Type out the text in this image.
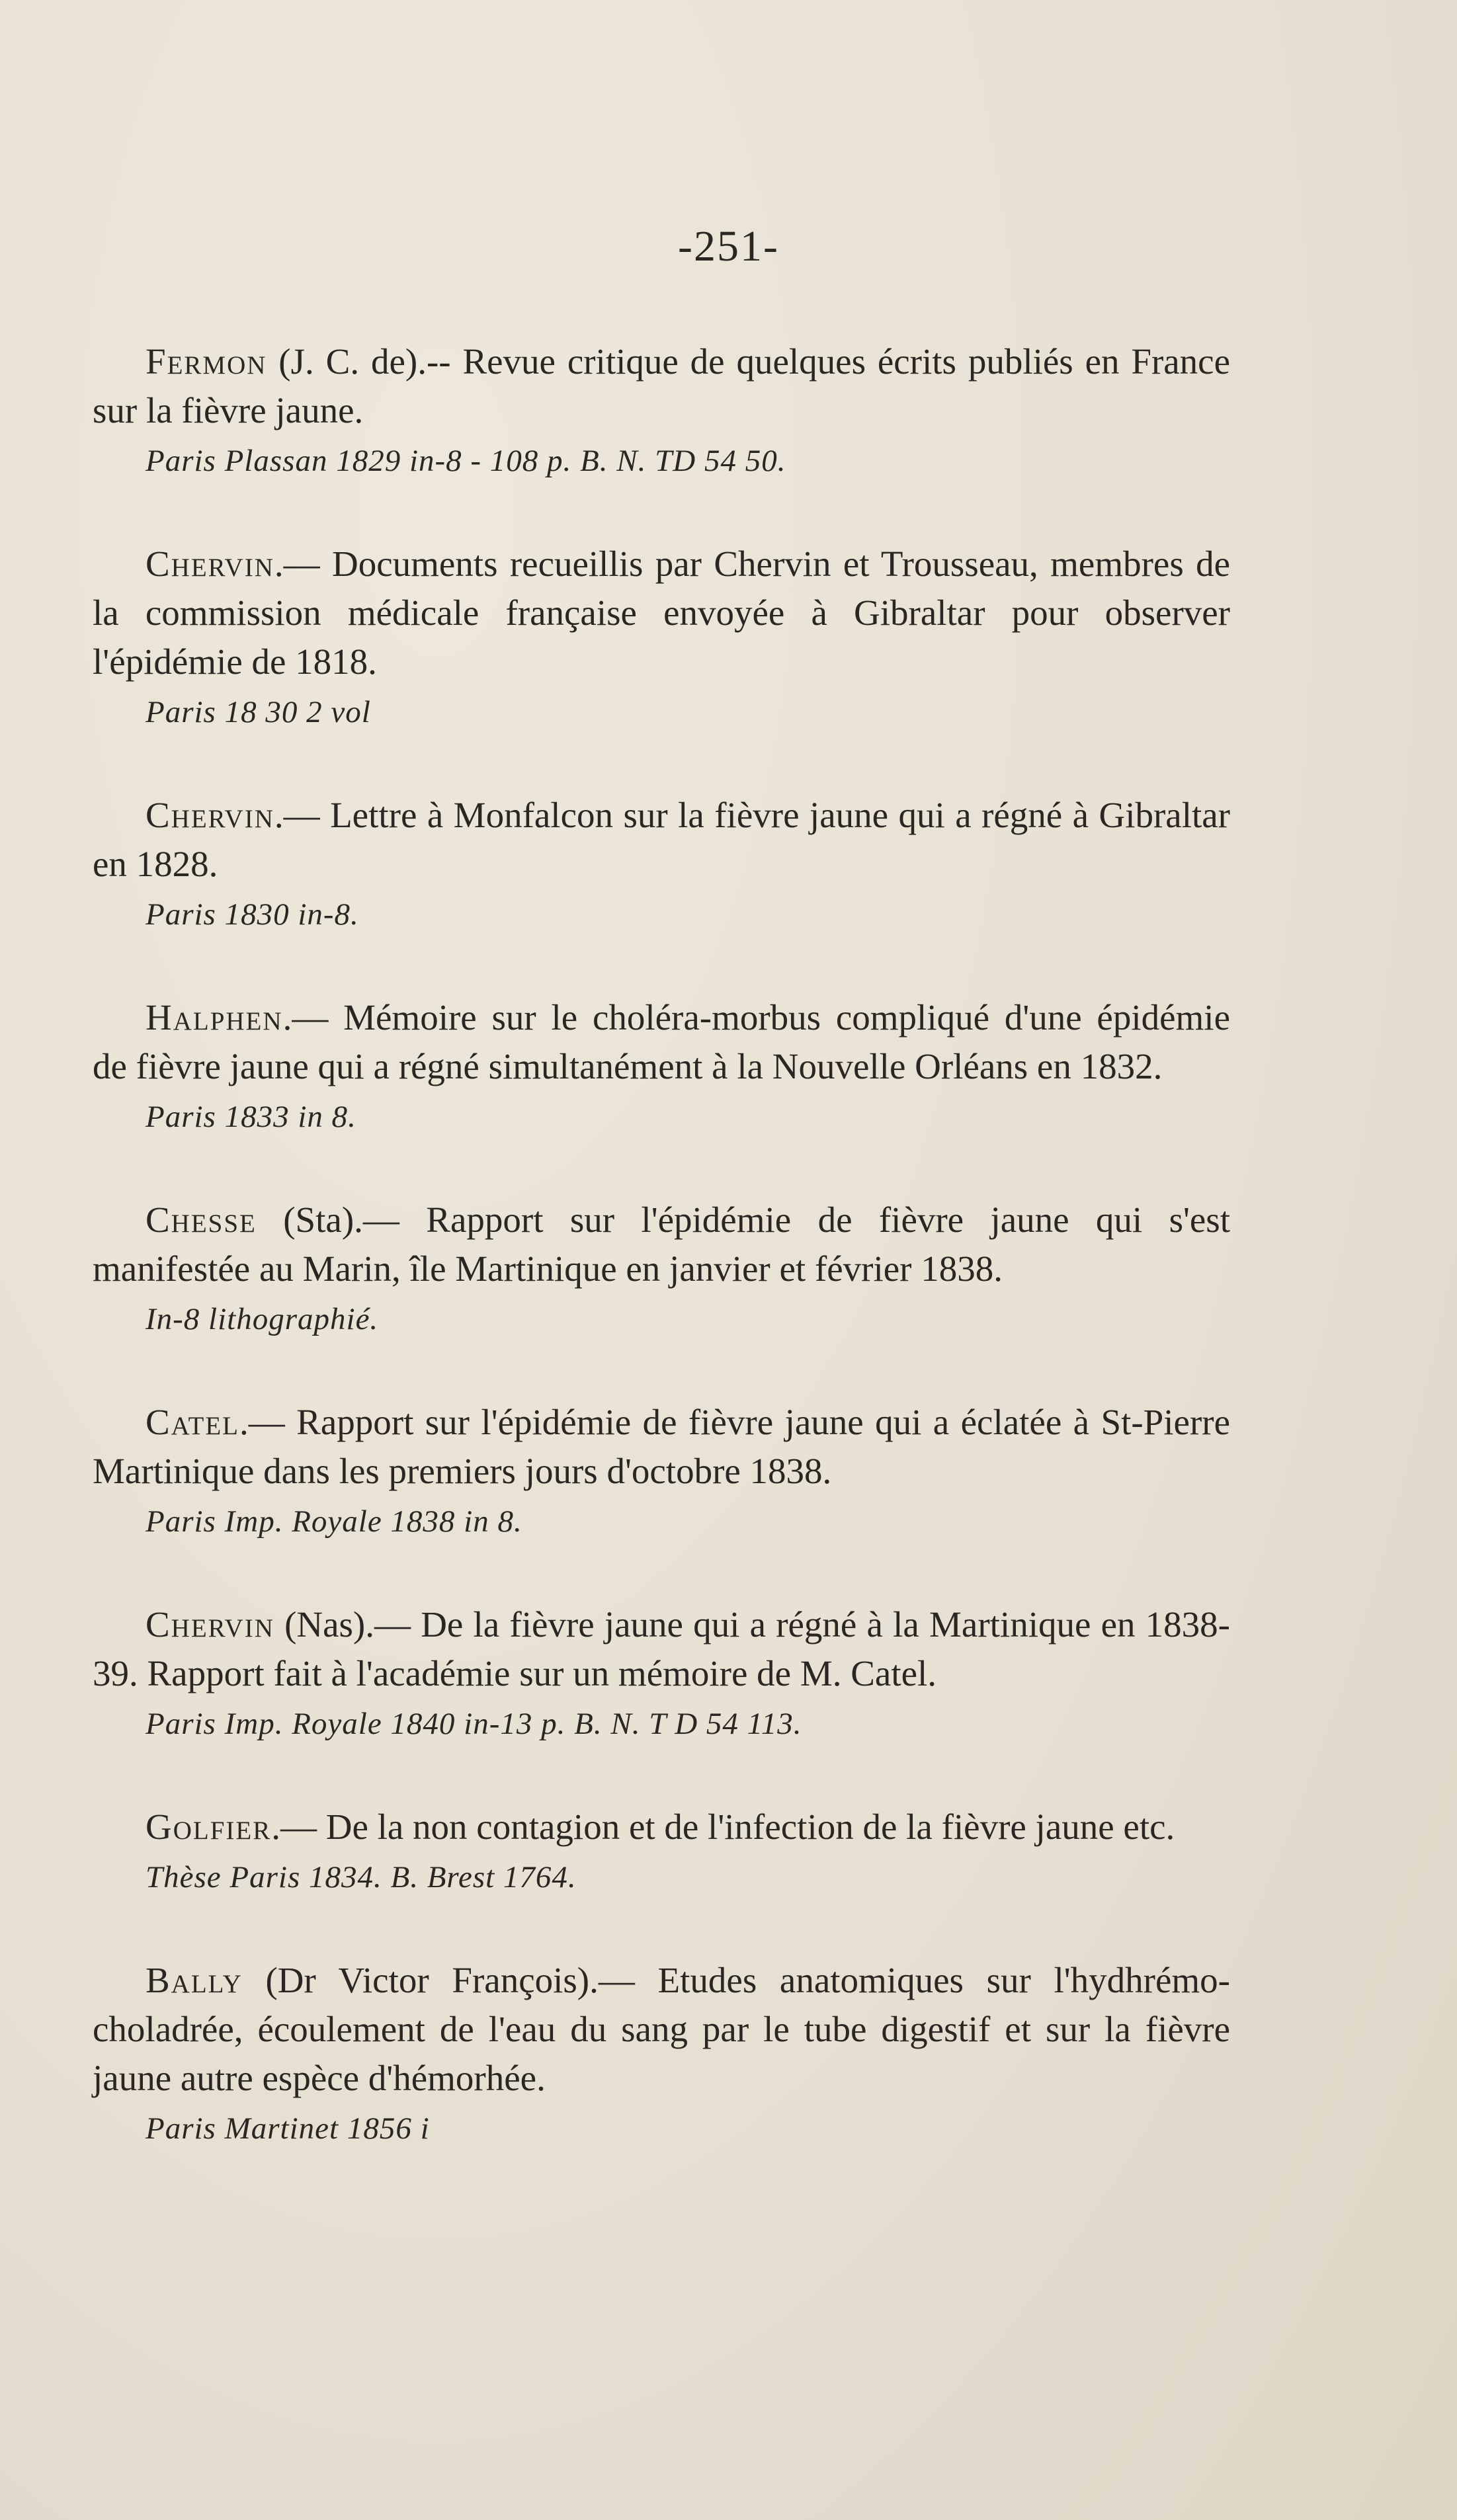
-251-

Fermon (J. C. de).-- Revue critique de quelques écrits publiés en France sur la fièvre jaune.

Paris Plassan 1829 in-8 - 108 p. B. N. TD 54 50.

Chervin.— Documents recueillis par Chervin et Trousseau, membres de la commission médicale française envoyée à Gibraltar pour observer l'épidémie de 1818.

Paris 18 30 2 vol

Chervin.— Lettre à Monfalcon sur la fièvre jaune qui a régné à Gibraltar en 1828.

Paris 1830 in-8.

Halphen.— Mémoire sur le choléra-morbus compliqué d'une épidémie de fièvre jaune qui a régné simultanément à la Nouvelle Orléans en 1832.

Paris 1833 in 8.

Chesse (Sta).— Rapport sur l'épidémie de fièvre jaune qui s'est manifestée au Marin, île Martinique en janvier et février 1838.

In-8 lithographié.

Catel.— Rapport sur l'épidémie de fièvre jaune qui a éclatée à St-Pierre Martinique dans les premiers jours d'octobre 1838.

Paris Imp. Royale 1838 in 8.

Chervin (Nas).— De la fièvre jaune qui a régné à la Martinique en 1838-39. Rapport fait à l'académie sur un mémoire de M. Catel.

Paris Imp. Royale 1840 in-13 p. B. N. T D 54 113.

Golfier.— De la non contagion et de l'infection de la fièvre jaune etc.

Thèse Paris 1834. B. Brest 1764.

Bally (Dr Victor François).— Etudes anatomiques sur l'hydhrémo-choladrée, écoulement de l'eau du sang par le tube digestif et sur la fièvre jaune autre espèce d'hémorhée.

Paris Martinet 1856 i
